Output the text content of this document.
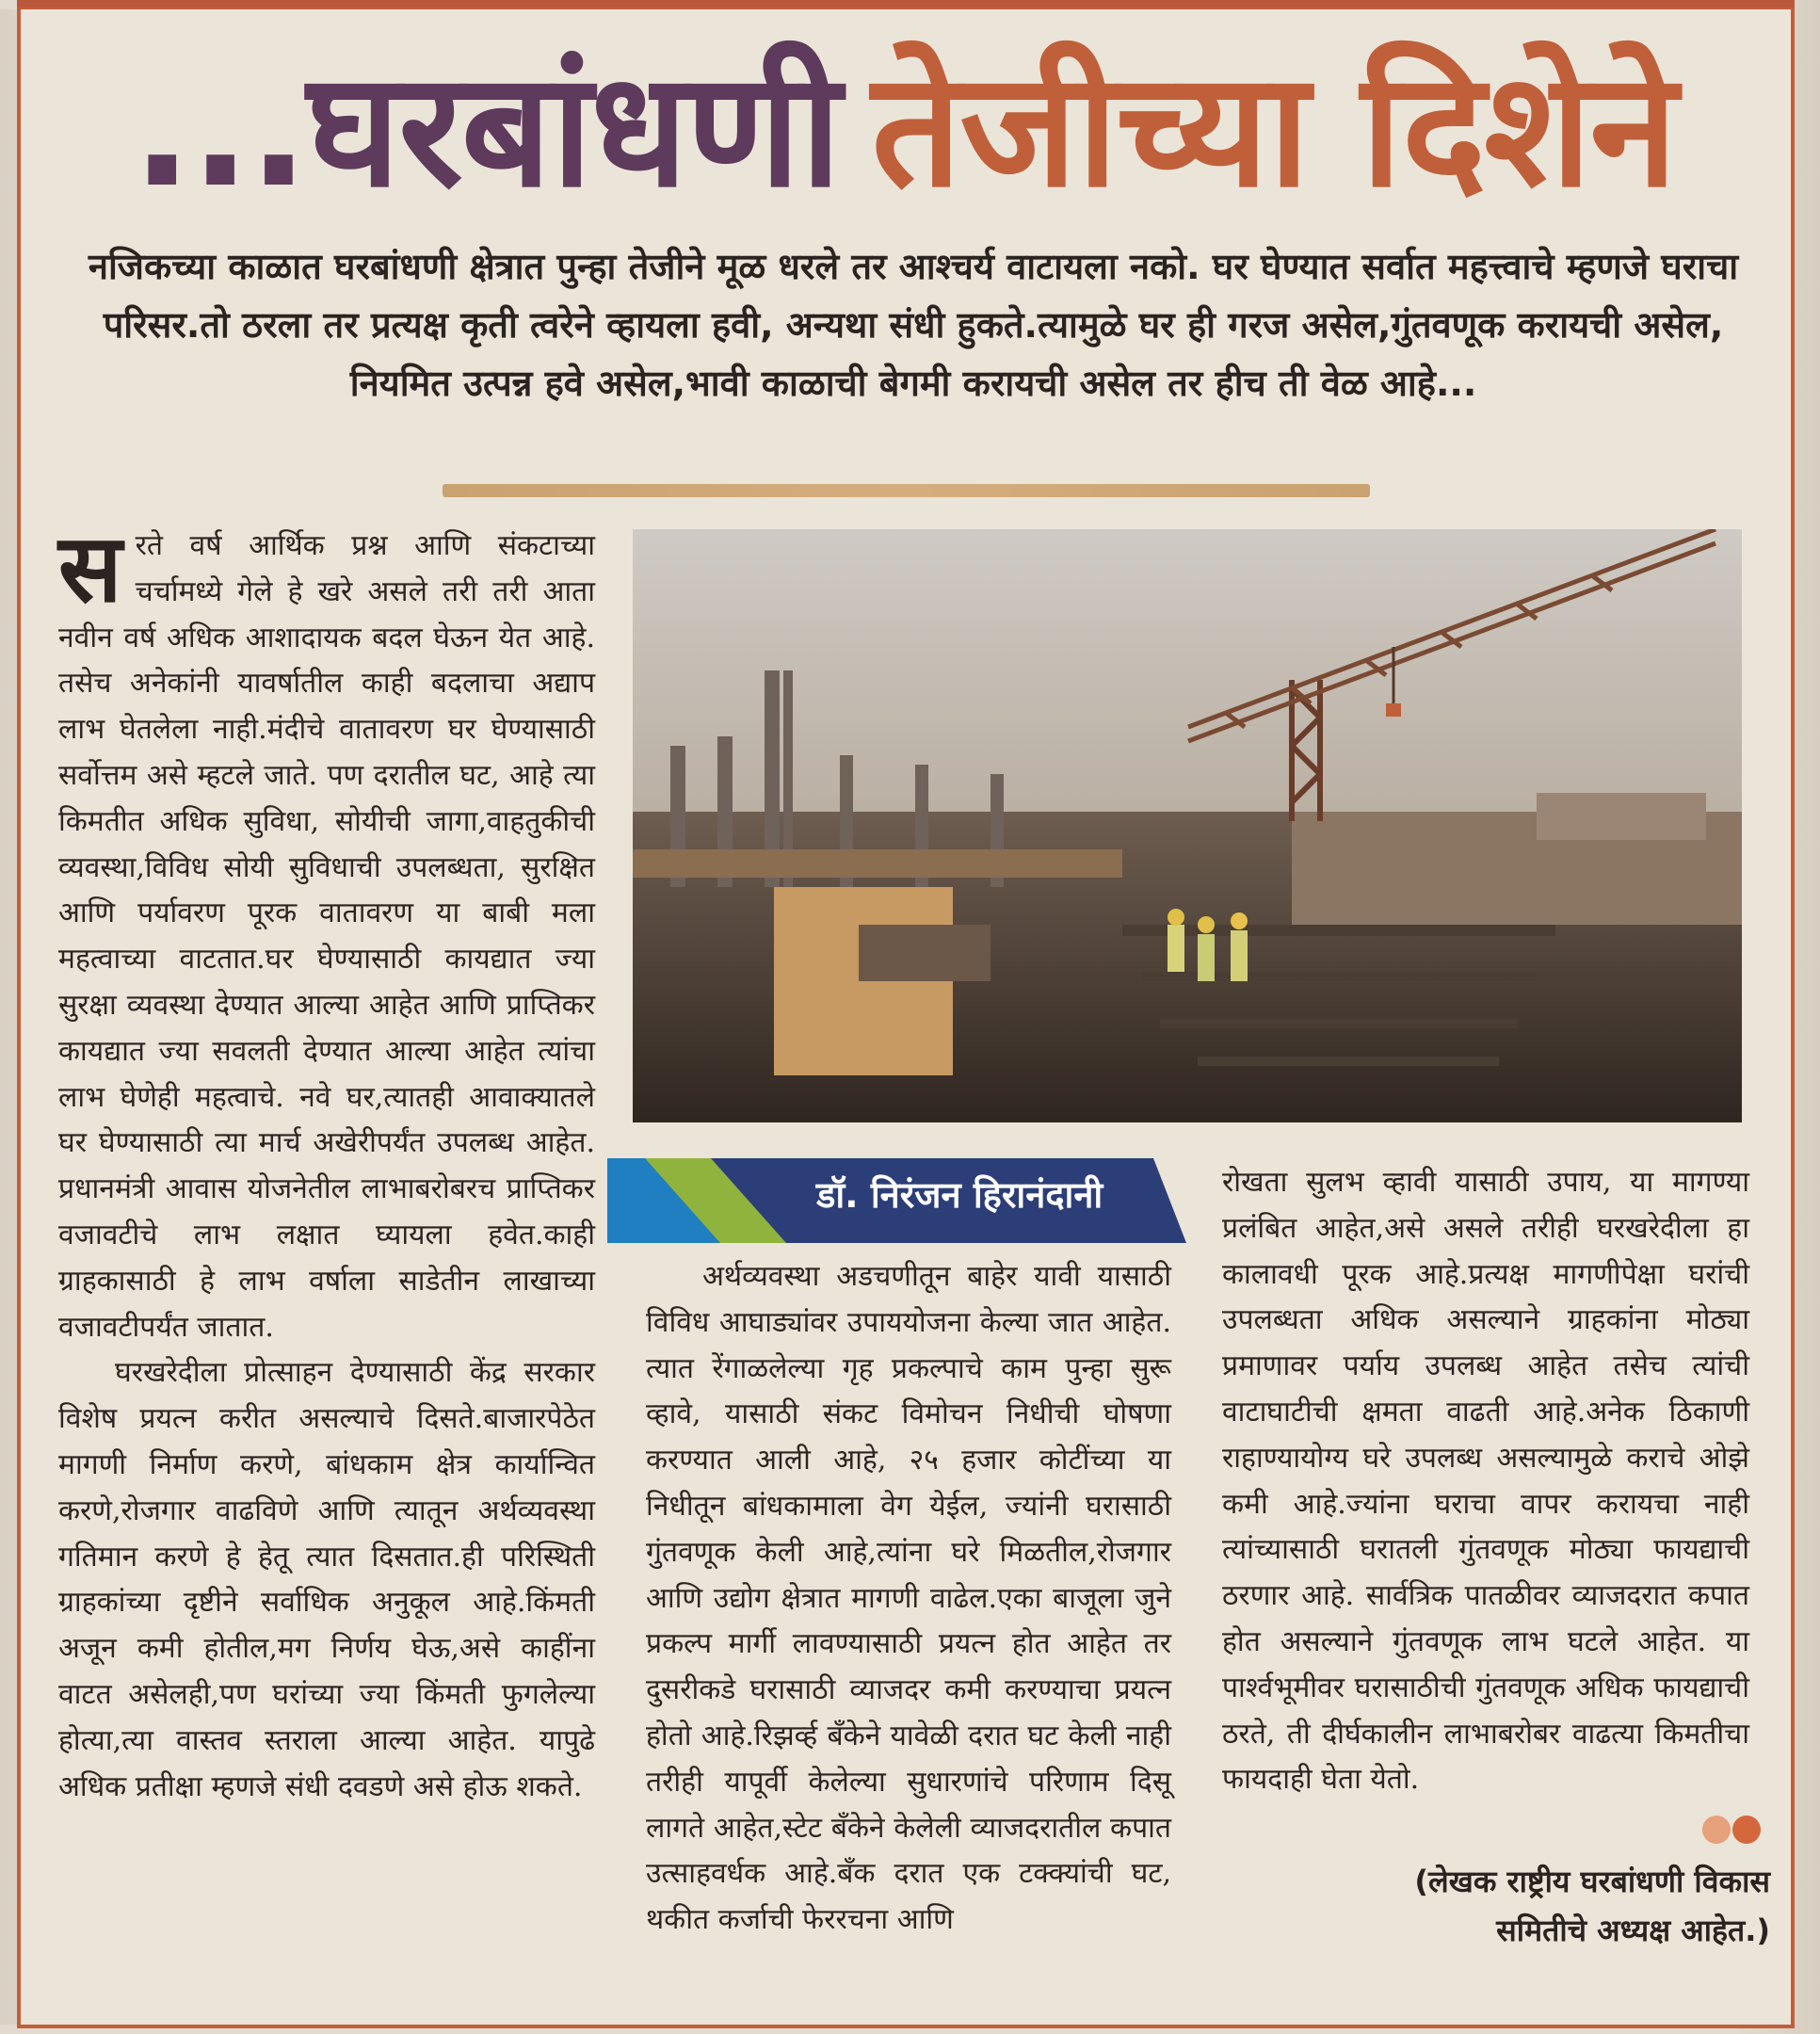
...घरबांधणी तेजीच्या दिशेने
नजिकच्या काळात घरबांधणी क्षेत्रात पुन्हा तेजीने मूळ धरले तर आश्चर्य वाटायला नको. घर घेण्यात सर्वात महत्त्वाचे म्हणजे घराचा परिसर.तो ठरला तर प्रत्यक्ष कृती त्वरेने व्हायला हवी, अन्यथा संधी हुकते.त्यामुळे घर ही गरज असेल,गुंतवणूक करायची असेल, नियमित उत्पन्न हवे असेल,भावी काळाची बेगमी करायची असेल तर हीच ती वेळ आहे...
स रते वर्ष आर्थिक प्रश्न आणि संकटाच्या चर्चामध्ये गेले हे खरे असले तरी तरी आता नवीन वर्ष अधिक आशादायक बदल घेऊन येत आहे. तसेच अनेकांनी यावर्षातील काही बदलाचा अद्याप लाभ घेतलेला नाही.मंदीचे वातावरण घर घेण्यासाठी सर्वोत्तम असे म्हटले जाते. पण दरातील घट, आहे त्या किमतीत अधिक सुविधा, सोयीची जागा,वाहतुकीची व्यवस्था,विविध सोयी सुविधाची उपलब्धता, सुरक्षित आणि पर्यावरण पूरक वातावरण या बाबी मला महत्वाच्या वाटतात.घर घेण्यासाठी कायद्यात ज्या सुरक्षा व्यवस्था देण्यात आल्या आहेत आणि प्राप्तिकर कायद्यात ज्या सवलती देण्यात आल्या आहेत त्यांचा लाभ घेणेही महत्वाचे. नवे घर,त्यातही आवाक्यातले घर घेण्यासाठी त्या मार्च अखेरीपर्यंत उपलब्ध आहेत. प्रधानमंत्री आवास योजनेतील लाभाबरोबरच प्राप्तिकर वजावटीचे लाभ लक्षात घ्यायला हवेत.काही ग्राहकासाठी हे लाभ वर्षाला साडेतीन लाखाच्या वजावटीपर्यंत जातात.

घरखरेदीला प्रोत्साहन देण्यासाठी केंद्र सरकार विशेष प्रयत्न करीत असल्याचे दिसते.बाजारपेठेत मागणी निर्माण करणे, बांधकाम क्षेत्र कार्यान्वित करणे,रोजगार वाढविणे आणि त्यातून अर्थव्यवस्था गतिमान करणे हे हेतू त्यात दिसतात.ही परिस्थिती ग्राहकांच्या दृष्टीने सर्वाधिक अनुकूल आहे.किंमती अजून कमी होतील,मग निर्णय घेऊ,असे काहींना वाटत असेलही,पण घरांच्या ज्या किंमती फुगलेल्या होत्या,त्या वास्तव स्तराला आल्या आहेत. यापुढे अधिक प्रतीक्षा म्हणजे संधी दवडणे असे होऊ शकते.

डॉ. निरंजन हिरानंदानी

अर्थव्यवस्था अडचणीतून बाहेर यावी यासाठी विविध आघाड्यांवर उपाययोजना केल्या जात आहेत. त्यात रेंगाळलेल्या गृह प्रकल्पाचे काम पुन्हा सुरू व्हावे, यासाठी संकट विमोचन निधीची घोषणा करण्यात आली आहे, २५ हजार कोटींच्या या निधीतून बांधकामाला वेग येईल, ज्यांनी घरासाठी गुंतवणूक केली आहे,त्यांना घरे मिळतील,रोजगार आणि उद्योग क्षेत्रात मागणी वाढेल.एका बाजूला जुने प्रकल्प मार्गी लावण्यासाठी प्रयत्न होत आहेत तर दुसरीकडे घरासाठी व्याजदर कमी करण्याचा प्रयत्न होतो आहे.रिझर्व्ह बँकेने यावेळी दरात घट केली नाही तरीही यापूर्वी केलेल्या सुधारणांचे परिणाम दिसू लागते आहेत,स्टेट बँकेने केलेली व्याजदरातील कपात उत्साहवर्धक आहे.बँक दरात एक टक्क्यांची घट, थकीत कर्जाची फेररचना आणि

रोखता सुलभ व्हावी यासाठी उपाय, या मागण्या प्रलंबित आहेत,असे असले तरीही घरखरेदीला हा कालावधी पूरक आहे.प्रत्यक्ष मागणीपेक्षा घरांची उपलब्धता अधिक असल्याने ग्राहकांना मोठ्या प्रमाणावर पर्याय उपलब्ध आहेत तसेच त्यांची वाटाघाटीची क्षमता वाढती आहे.अनेक ठिकाणी राहाण्यायोग्य घरे उपलब्ध असल्यामुळे कराचे ओझे कमी आहे.ज्यांना घराचा वापर करायचा नाही त्यांच्यासाठी घरातली गुंतवणूक मोठ्या फायद्याची ठरणार आहे. सार्वत्रिक पातळीवर व्याजदरात कपात होत असल्याने गुंतवणूक लाभ घटले आहेत. या पार्श्वभूमीवर घरासाठीची गुंतवणूक अधिक फायद्याची ठरते, ती दीर्घकालीन लाभाबरोबर वाढत्या किमतीचा फायदाही घेता येतो.

(लेखक राष्ट्रीय घरबांधणी विकास समितीचे अध्यक्ष आहेत.)
